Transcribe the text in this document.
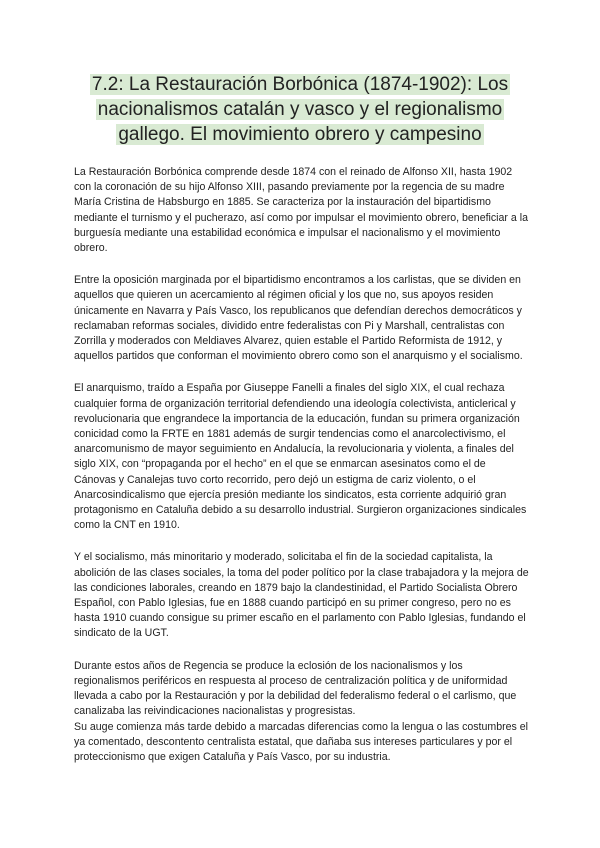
7.2: La Restauración Borbónica (1874-1902): Los nacionalismos catalán y vasco y el regionalismo gallego. El movimiento obrero y campesino

La Restauración Borbónica comprende desde 1874 con el reinado de Alfonso XII, hasta 1902 con la coronación de su hijo Alfonso XIII, pasando previamente por la regencia de su madre María Cristina de Habsburgo en 1885. Se caracteriza por la instauración del bipartidismo mediante el turnismo y el pucherazo, así como por impulsar el movimiento obrero, beneficiar a la burguesía mediante una estabilidad económica e impulsar el nacionalismo y el movimiento obrero.

Entre la oposición marginada por el bipartidismo encontramos a los carlistas, que se dividen en aquellos que quieren un acercamiento al régimen oficial y los que no, sus apoyos residen únicamente en Navarra y País Vasco, los republicanos que defendían derechos democráticos y reclamaban reformas sociales, dividido entre federalistas con Pi y Marshall, centralistas con Zorrilla y moderados con Meldiaves Alvarez, quien estable el Partido Reformista de 1912, y aquellos partidos que conforman el movimiento obrero como son el anarquismo y el socialismo.

El anarquismo, traído a España por Giuseppe Fanelli a finales del siglo XIX, el cual rechaza cualquier forma de organización territorial defendiendo una ideología colectivista, anticlerical y revolucionaria que engrandece la importancia de la educación, fundan su primera organización conicidad como la FRTE en 1881 además de surgir tendencias como el anarcolectivismo, el anarcomunismo de mayor seguimiento en Andalucía, la revolucionaria y violenta, a finales del siglo XIX, con “propaganda por el hecho” en el que se enmarcan asesinatos como el de Cánovas y Canalejas tuvo corto recorrido, pero dejó un estigma de cariz violento, o el Anarcosindicalismo que ejercía presión mediante los sindicatos, esta corriente adquirió gran protagonismo en Cataluña debido a su desarrollo industrial. Surgieron organizaciones sindicales como la CNT en 1910.

Y el socialismo, más minoritario y moderado, solicitaba el fin de la sociedad capitalista, la abolición de las clases sociales, la toma del poder político por la clase trabajadora y la mejora de las condiciones laborales, creando en 1879 bajo la clandestinidad, el Partido Socialista Obrero Español, con Pablo Iglesias, fue en 1888 cuando participó en su primer congreso, pero no es hasta 1910 cuando consigue su primer escaño en el parlamento con Pablo Iglesias, fundando el sindicato de la UGT.

Durante estos años de Regencia se produce la eclosión de los nacionalismos y los regionalismos periféricos en respuesta al proceso de centralización política y de uniformidad llevada a cabo por la Restauración y por la debilidad del federalismo federal o el carlismo, que canalizaba las reivindicaciones nacionalistas y progresistas.
Su auge comienza más tarde debido a marcadas diferencias como la lengua o las costumbres el ya comentado, descontento centralista estatal, que dañaba sus intereses particulares y por el proteccionismo que exigen Cataluña y País Vasco, por su industria.
